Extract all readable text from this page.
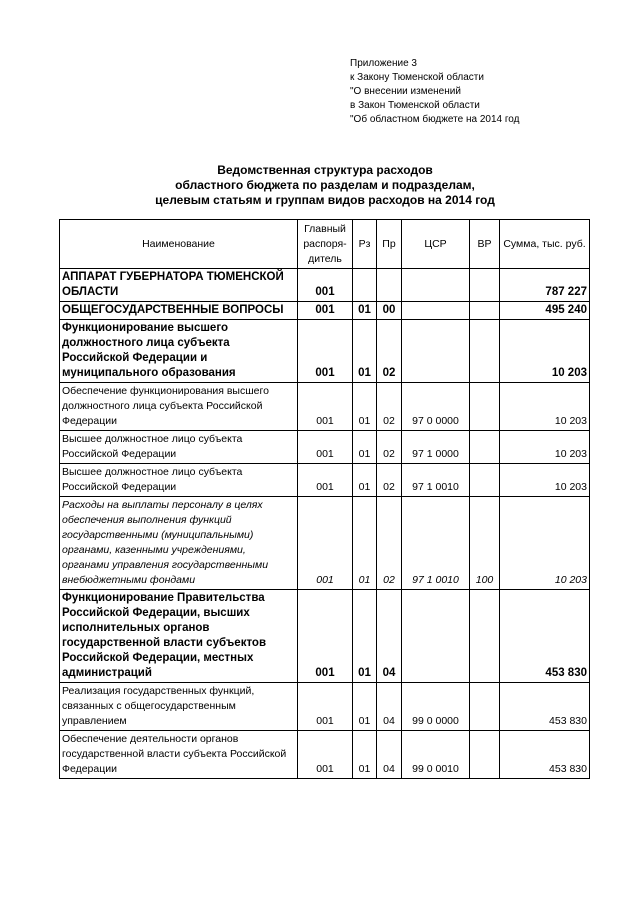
Приложение 3
к Закону Тюменской области
"О внесении изменений
в Закон Тюменской области
"Об областном бюджете на 2014 год
Ведомственная структура расходов
областного бюджета по разделам и подразделам,
целевым статьям и группам видов расходов на 2014 год
Наименование	Главный распоря-дитель	Рз	Пр	ЦСР	ВР	Сумма, тыс. руб.
АППАРАТ ГУБЕРНАТОРА ТЮМЕНСКОЙ ОБЛАСТИ	001					787 227
ОБЩЕГОСУДАРСТВЕННЫЕ ВОПРОСЫ	001	01	00			495 240
Функционирование высшего должностного лица субъекта Российской Федерации и муниципального образования	001	01	02			10 203
Обеспечение функционирования высшего должностного лица субъекта Российской Федерации	001	01	02	97 0 0000		10 203
Высшее должностное лицо субъекта Российской Федерации	001	01	02	97 1 0000		10 203
Высшее должностное лицо субъекта Российской Федерации	001	01	02	97 1 0010		10 203
Расходы на выплаты персоналу в целях обеспечения выполнения функций государственными (муниципальными) органами, казенными учреждениями, органами управления государственными внебюджетными фондами	001	01	02	97 1 0010	100	10 203
Функционирование Правительства Российской Федерации, высших исполнительных органов государственной власти субъектов Российской Федерации, местных администраций	001	01	04			453 830
Реализация государственных функций, связанных с общегосударственным управлением	001	01	04	99 0 0000		453 830
Обеспечение деятельности органов государственной власти субъекта Российской Федерации	001	01	04	99 0 0010		453 830
